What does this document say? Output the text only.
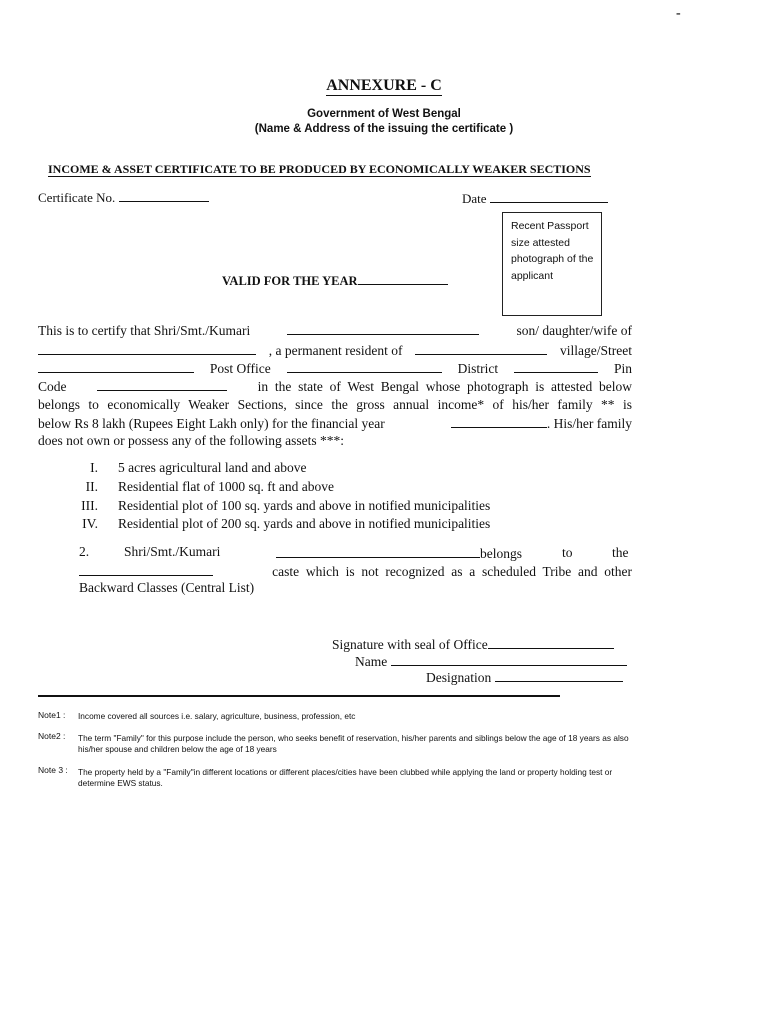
-
ANNEXURE - C
Government of West Bengal
(Name & Address of the issuing the certificate )
INCOME & ASSET CERTIFICATE TO BE PRODUCED BY ECONOMICALLY WEAKER SECTIONS
Certificate No.	Date
Recent Passport size attested photograph of the applicant
VALID FOR THE YEAR
This is to certify that Shri/Smt./Kumari	son/ daughter/wife of
, a permanent resident of	village/Street
Post Office	District	Pin
Code	in  the  state  of  West  Bengal  whose  photograph  is  attested  below
belongs to economically Weaker Sections, since the gross annual income* of his/her family ** is
below Rs 8 lakh (Rupees Eight Lakh only) for the financial year	. His/her family
does not own or possess any of the following assets ***:
I. 5 acres agricultural land and above
II. Residential flat of 1000 sq. ft and above
III. Residential plot of 100 sq. yards and above in notified municipalities
IV. Residential plot of 200 sq. yards and above in notified municipalities
2.	Shri/Smt./Kumari	belongs	to	the
caste  which  is  not  recognized  as  a  scheduled  Tribe  and  other
Backward Classes (Central List)
Signature with seal of Office
Name
Designation
Note1 : Income covered all sources i.e. salary, agriculture, business, profession, etc
Note2 : The term "Family" for this purpose include the person, who seeks benefit of reservation, his/her parents and siblings below the age of 18 years as also his/her spouse and children below the age of 18 years
Note 3 : The property held by a "Family"in different locations or different places/cities have been clubbed while applying the land or property holding test or determine EWS status.
